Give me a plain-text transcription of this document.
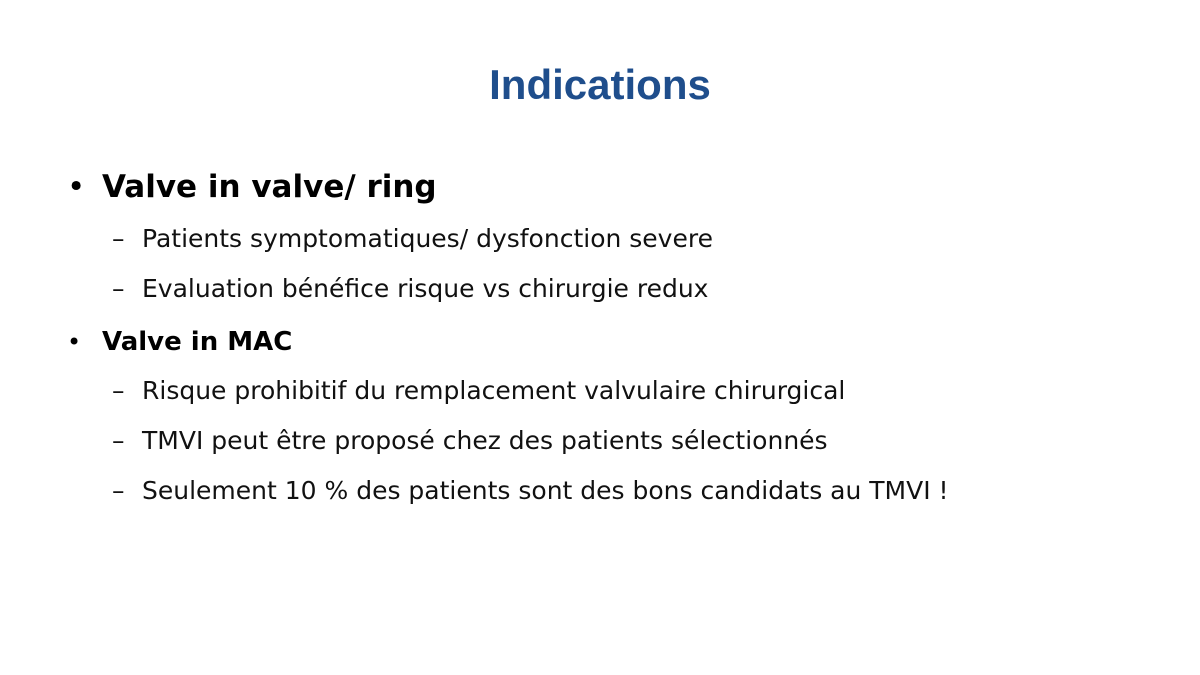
Indications
• Valve in valve/ ring
– Patients symptomatiques/ dysfonction severe
– Evaluation bénéfice risque vs chirurgie redux
• Valve in MAC
– Risque prohibitif du remplacement valvulaire chirurgical
– TMVI peut être proposé chez des patients sélectionnés
– Seulement 10 % des patients sont des bons candidats au TMVI !
